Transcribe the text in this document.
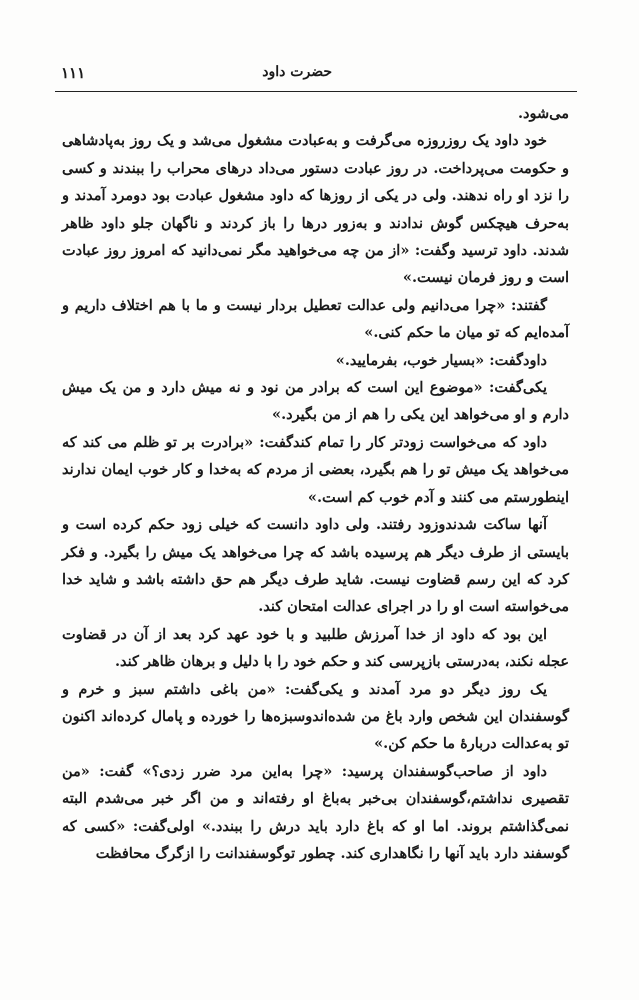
حضرت داود
۱۱۱

می‌شود.

خود داود یک روزروزه می‌گرفت و به‌عبادت مشغول می‌شد و یک روز به‌پادشاهی و حکومت می‌پرداخت. در روز عبادت دستور می‌داد درهای محراب را ببندند و کسی را نزد او راه ندهند. ولی در یکی از روزها که داود مشغول عبادت بود دومرد آمدند و به‌حرف هیچکس گوش ندادند و به‌زور درها را باز کردند و ناگهان جلو داود ظاهر شدند. داود ترسید وگفت: «از من چه می‌خواهید مگر نمی‌دانید که امروز روز عبادت است و روز فرمان نیست.»

گفتند: «چرا می‌دانیم ولی عدالت تعطیل بردار نیست و ما با هم اختلاف داریم و آمده‌ایم که تو میان ما حکم کنی.»

داودگفت: «بسیار خوب، بفرمایید.»

یکی‌گفت: «موضوع این است که برادر من نود و نه میش دارد و من یک میش دارم و او می‌خواهد این یکی را هم از من بگیرد.»

داود که می‌خواست زودتر کار را تمام کندگفت: «برادرت بر تو ظلم می کند که می‌خواهد یک میش تو را هم بگیرد، بعضی از مردم که به‌خدا و کار خوب ایمان ندارند اینطورستم می کنند و آدم خوب کم است.»

آنها ساکت شدندوزود رفتند. ولی داود دانست که خیلی زود حکم کرده است و بایستی از طرف دیگر هم پرسیده باشد که چرا می‌خواهد یک میش را بگیرد. و فکر کرد که این رسم قضاوت نیست. شاید طرف دیگر هم حق داشته باشد و شاید خدا می‌خواسته است او را در اجرای عدالت امتحان کند.

این بود که داود از خدا آمرزش طلبید و با خود عهد کرد بعد از آن در قضاوت عجله نکند، به‌درستی بازپرسی کند و حکم خود را با دلیل و برهان ظاهر کند.

یک روز دیگر دو مرد آمدند و یکی‌گفت: «من باغی داشتم سبز و خرم و گوسفندان این شخص وارد باغ من شده‌اندوسبزه‌ها را خورده و پامال کرده‌اند اکنون تو به‌عدالت دربارهٔ ما حکم کن.»

داود از صاحب‌گوسفندان پرسید: «چرا به‌این مرد ضرر زدی؟» گفت: «من تقصیری نداشتم،گوسفندان بی‌خبر به‌باغ او رفته‌اند و من اگر خبر می‌شدم البته نمی‌گذاشتم بروند. اما او که باغ دارد باید درش را ببندد.» اولی‌گفت: «کسی که گوسفند دارد باید آنها را نگاهداری کند. چطور توگوسفندانت را ازگرگ محافظت
